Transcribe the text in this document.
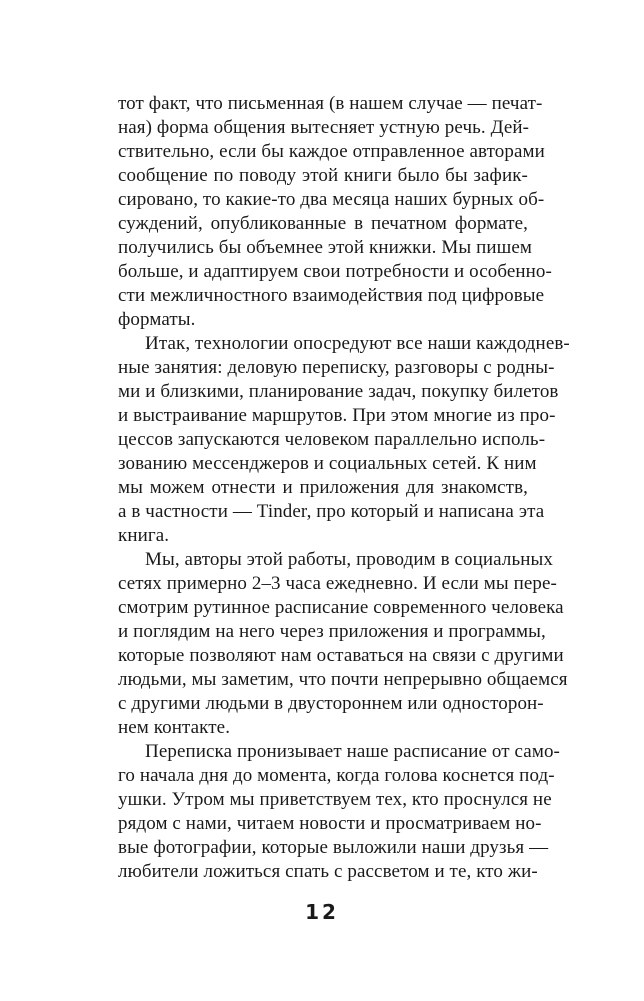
тот факт, что письменная (в нашем случае — печат-
ная) форма общения вытесняет устную речь. Дей-
ствительно, если бы каждое отправленное авторами
сообщение по поводу этой книги было бы зафик-
сировано, то какие-то два месяца наших бурных об-
суждений, опубликованные в печатном формате,
получились бы объемнее этой книжки. Мы пишем
больше, и адаптируем свои потребности и особенно-
сти межличностного взаимодействия под цифровые
форматы.
Итак, технологии опосредуют все наши каждоднев-
ные занятия: деловую переписку, разговоры с родны-
ми и близкими, планирование задач, покупку билетов
и выстраивание маршрутов. При этом многие из про-
цессов запускаются человеком параллельно исполь-
зованию мессенджеров и социальных сетей. К ним
мы можем отнести и приложения для знакомств,
а в частности — Tinder, про который и написана эта
книга.
Мы, авторы этой работы, проводим в социальных
сетях примерно 2–3 часа ежедневно. И если мы пере-
смотрим рутинное расписание современного человека
и поглядим на него через приложения и программы,
которые позволяют нам оставаться на связи с другими
людьми, мы заметим, что почти непрерывно общаемся
с другими людьми в двустороннем или односторон-
нем контакте.
Переписка пронизывает наше расписание от само-
го начала дня до момента, когда голова коснется под-
ушки. Утром мы приветствуем тех, кто проснулся не
рядом с нами, читаем новости и просматриваем но-
вые фотографии, которые выложили наши друзья —
любители ложиться спать с рассветом и те, кто жи-
12
